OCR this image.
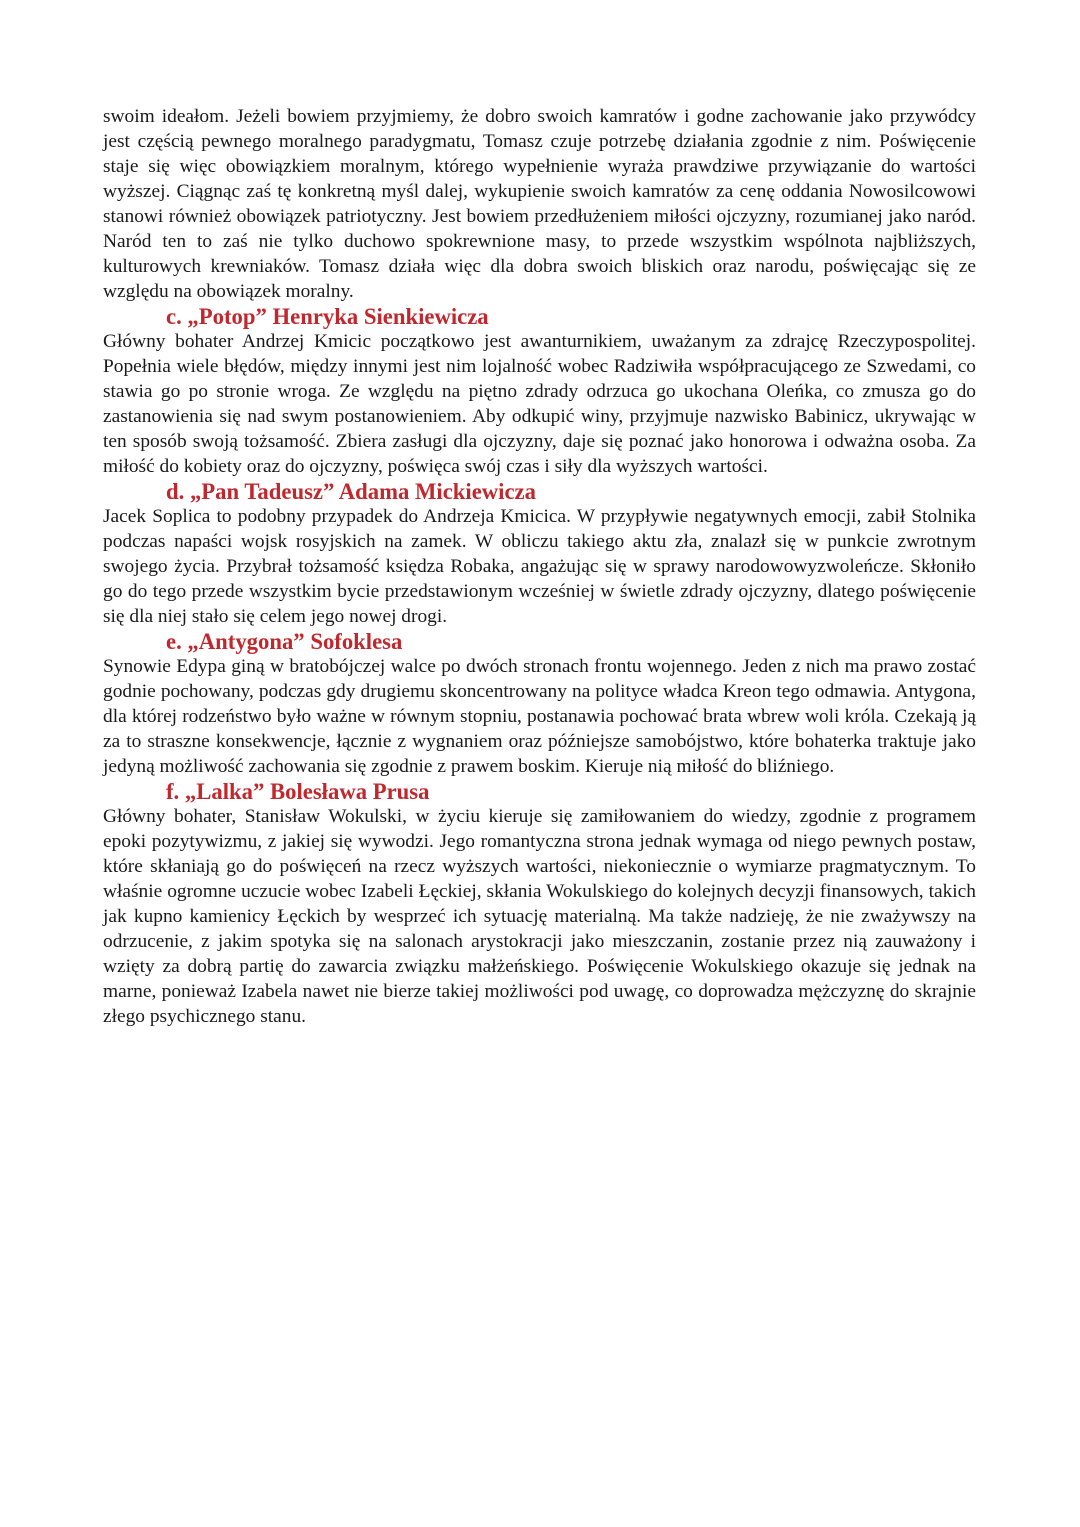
swoim ideałom. Jeżeli bowiem przyjmiemy, że dobro swoich kamratów i godne zachowanie jako przywódcy jest częścią pewnego moralnego paradygmatu, Tomasz czuje potrzebę działania zgodnie z nim. Poświęcenie staje się więc obowiązkiem moralnym, którego wypełnienie wyraża prawdziwe przywiązanie do wartości wyższej. Ciągnąc zaś tę konkretną myśl dalej, wykupienie swoich kamratów za cenę oddania Nowosilcowowi stanowi również obowiązek patriotyczny. Jest bowiem przedłużeniem miłości ojczyzny, rozumianej jako naród. Naród ten to zaś nie tylko duchowo spokrewnione masy, to przede wszystkim wspólnota najbliższych, kulturowych krewniaków. Tomasz działa więc dla dobra swoich bliskich oraz narodu, poświęcając się ze względu na obowiązek moralny.

c. „Potop” Henryka Sienkiewicza

Główny bohater Andrzej Kmicic początkowo jest awanturnikiem, uważanym za zdrajcę Rzeczypospolitej. Popełnia wiele błędów, między innymi jest nim lojalność wobec Radziwiła współpracującego ze Szwedami, co stawia go po stronie wroga. Ze względu na piętno zdrady odrzuca go ukochana Oleńka, co zmusza go do zastanowienia się nad swym postanowieniem. Aby odkupić winy, przyjmuje nazwisko Babinicz, ukrywając w ten sposób swoją tożsamość. Zbiera zasługi dla ojczyzny, daje się poznać jako honorowa i odważna osoba. Za miłość do kobiety oraz do ojczyzny, poświęca swój czas i siły dla wyższych wartości.

d. „Pan Tadeusz” Adama Mickiewicza

Jacek Soplica to podobny przypadek do Andrzeja Kmicica. W przypływie negatywnych emocji, zabił Stolnika podczas napaści wojsk rosyjskich na zamek. W obliczu takiego aktu zła, znalazł się w punkcie zwrotnym swojego życia. Przybrał tożsamość księdza Robaka, angażując się w sprawy narodowowyzwoleńcze. Skłoniło go do tego przede wszystkim bycie przedstawionym wcześniej w świetle zdrady ojczyzny, dlatego poświęcenie się dla niej stało się celem jego nowej drogi.

e. „Antygona” Sofoklesa

Synowie Edypa giną w bratobójczej walce po dwóch stronach frontu wojennego. Jeden z nich ma prawo zostać godnie pochowany, podczas gdy drugiemu skoncentrowany na polityce władca Kreon tego odmawia. Antygona, dla której rodzeństwo było ważne w równym stopniu, postanawia pochować brata wbrew woli króla. Czekają ją za to straszne konsekwencje, łącznie z wygnaniem oraz późniejsze samobójstwo, które bohaterka traktuje jako jedyną możliwość zachowania się zgodnie z prawem boskim. Kieruje nią miłość do bliźniego.

f. „Lalka” Bolesława Prusa

Główny bohater, Stanisław Wokulski, w życiu kieruje się zamiłowaniem do wiedzy, zgodnie z programem epoki pozytywizmu, z jakiej się wywodzi. Jego romantyczna strona jednak wymaga od niego pewnych postaw, które skłaniają go do poświęceń na rzecz wyższych wartości, niekoniecznie o wymiarze pragmatycznym. To właśnie ogromne uczucie wobec Izabeli Łęckiej, skłania Wokulskiego do kolejnych decyzji finansowych, takich jak kupno kamienicy Łęckich by wesprzeć ich sytuację materialną. Ma także nadzieję, że nie zważywszy na odrzucenie, z jakim spotyka się na salonach arystokracji jako mieszczanin, zostanie przez nią zauważony i wzięty za dobrą partię do zawarcia związku małżeńskiego. Poświęcenie Wokulskiego okazuje się jednak na marne, ponieważ Izabela nawet nie bierze takiej możliwości pod uwagę, co doprowadza mężczyznę do skrajnie złego psychicznego stanu.
